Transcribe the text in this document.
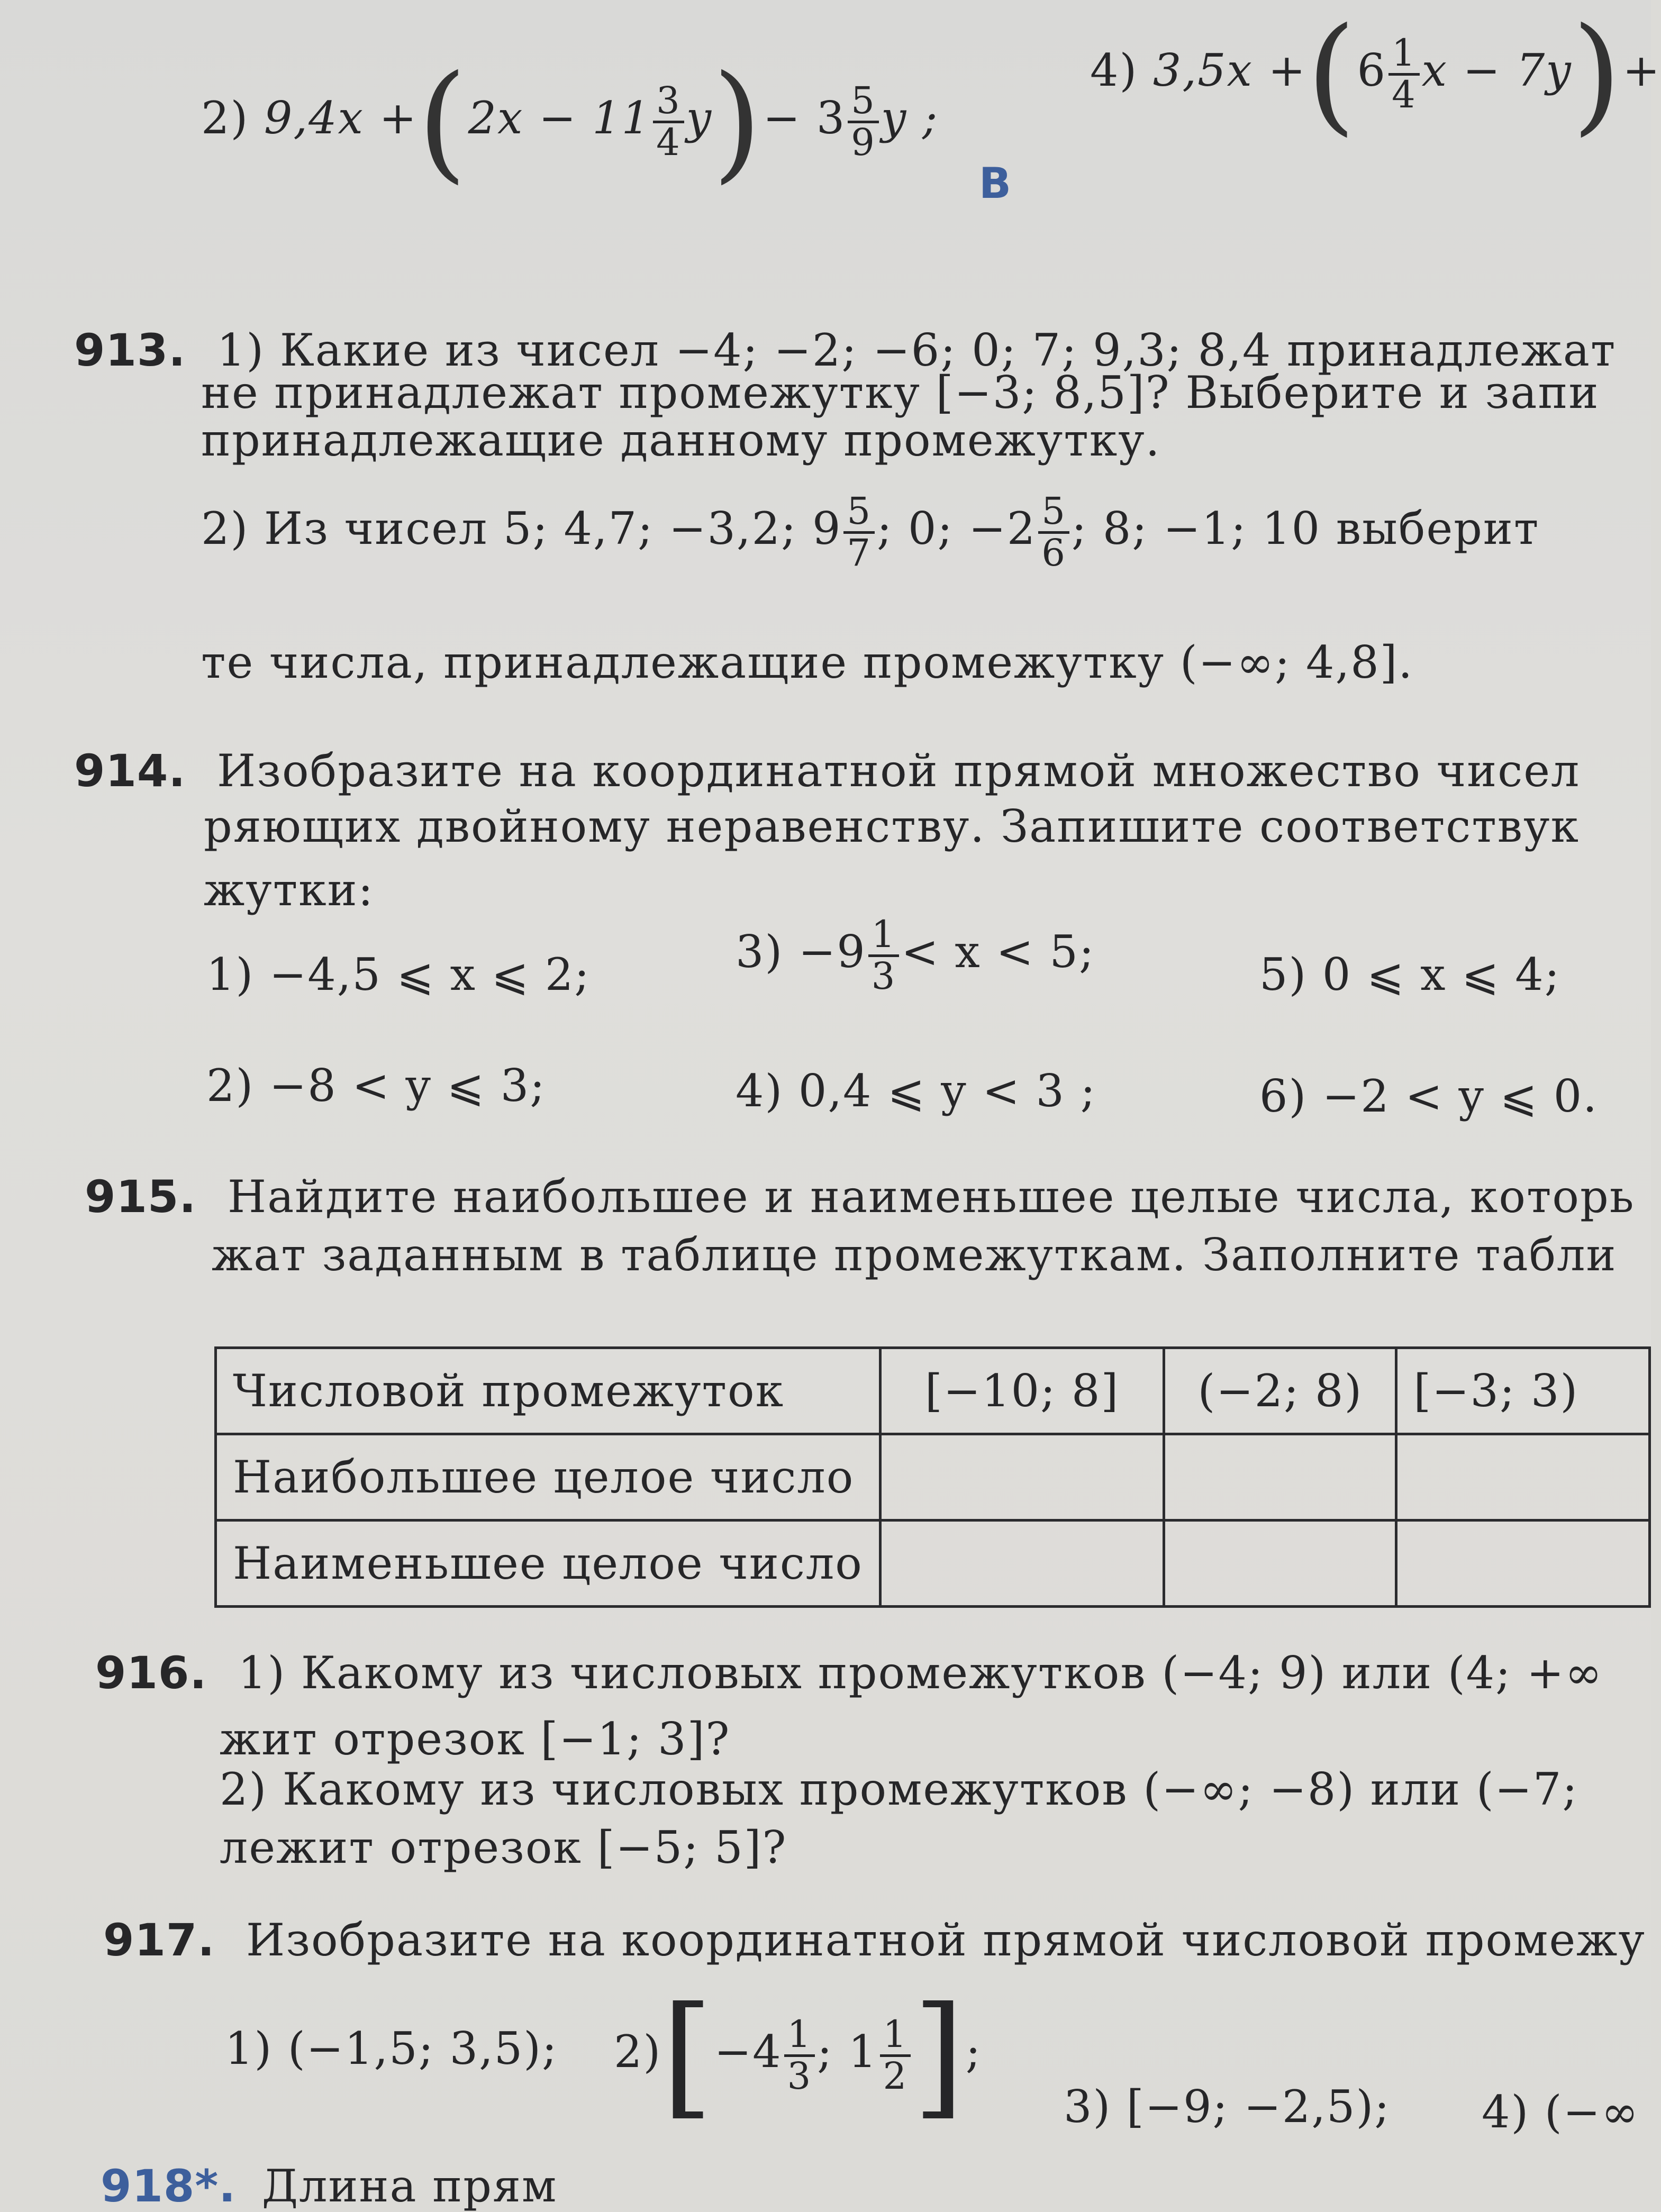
2) $9,4x +(2x - 11 \frac{3}{4} y)- 3 \frac{5}{9}$ y ;
4) $3,5x +(6 \frac{1}{4}$ x − 7y)+
В
913. 1) Какие из чисел −4; −2; −6; 0; 7; 9,3; 8,4 принадлежат
не принадлежат промежутку [−3; 8,5]? Выберите и запи
принадлежащие данному промежутку.
2) Из чисел 5; 4,7; −3,2; $9 \frac{5}{7}$ ; 0; $-2 \frac{5}{6}$ ; 8; −1; 10 выберит
те числа, принадлежащие промежутку (−∞; 4,8].
914. Изобразите на координатной прямой множество чисел
ряющих двойному неравенству. Запишите соответствук
жутки:
1) −4,5 ⩽ x ⩽ 2;	$3) -9 \frac{1}{3} < x < 5$;	5) 0 ⩽ x ⩽ 4;
2) −8 < y ⩽ 3;	4) 0,4 ⩽ y < 3 ;	6) −2 < y ⩽ 0.
915. Найдите наибольшее и наименьшее целые числа, которь
жат заданным в таблице промежуткам. Заполните табли
Числовой промежуток	[−10; 8]	(−2; 8)	[−3; 3)
Наибольшее целое число			
Наименьшее целое число			
916. 1) Какому из числовых промежутков (−4; 9) или (4; +∞
жит отрезок [−1; 3]?
2) Какому из числовых промежутков (−∞; −8) или (−7;
лежит отрезок [−5; 5]?
917. Изобразите на координатной прямой числовой промежу
1) (−1,5; 3,5); $2)[-4 \frac{1}{3}$ ; $1 \frac{1}{2}$ ];
3) [−9; −2,5); 4) (−∞
918*. Длина прям
